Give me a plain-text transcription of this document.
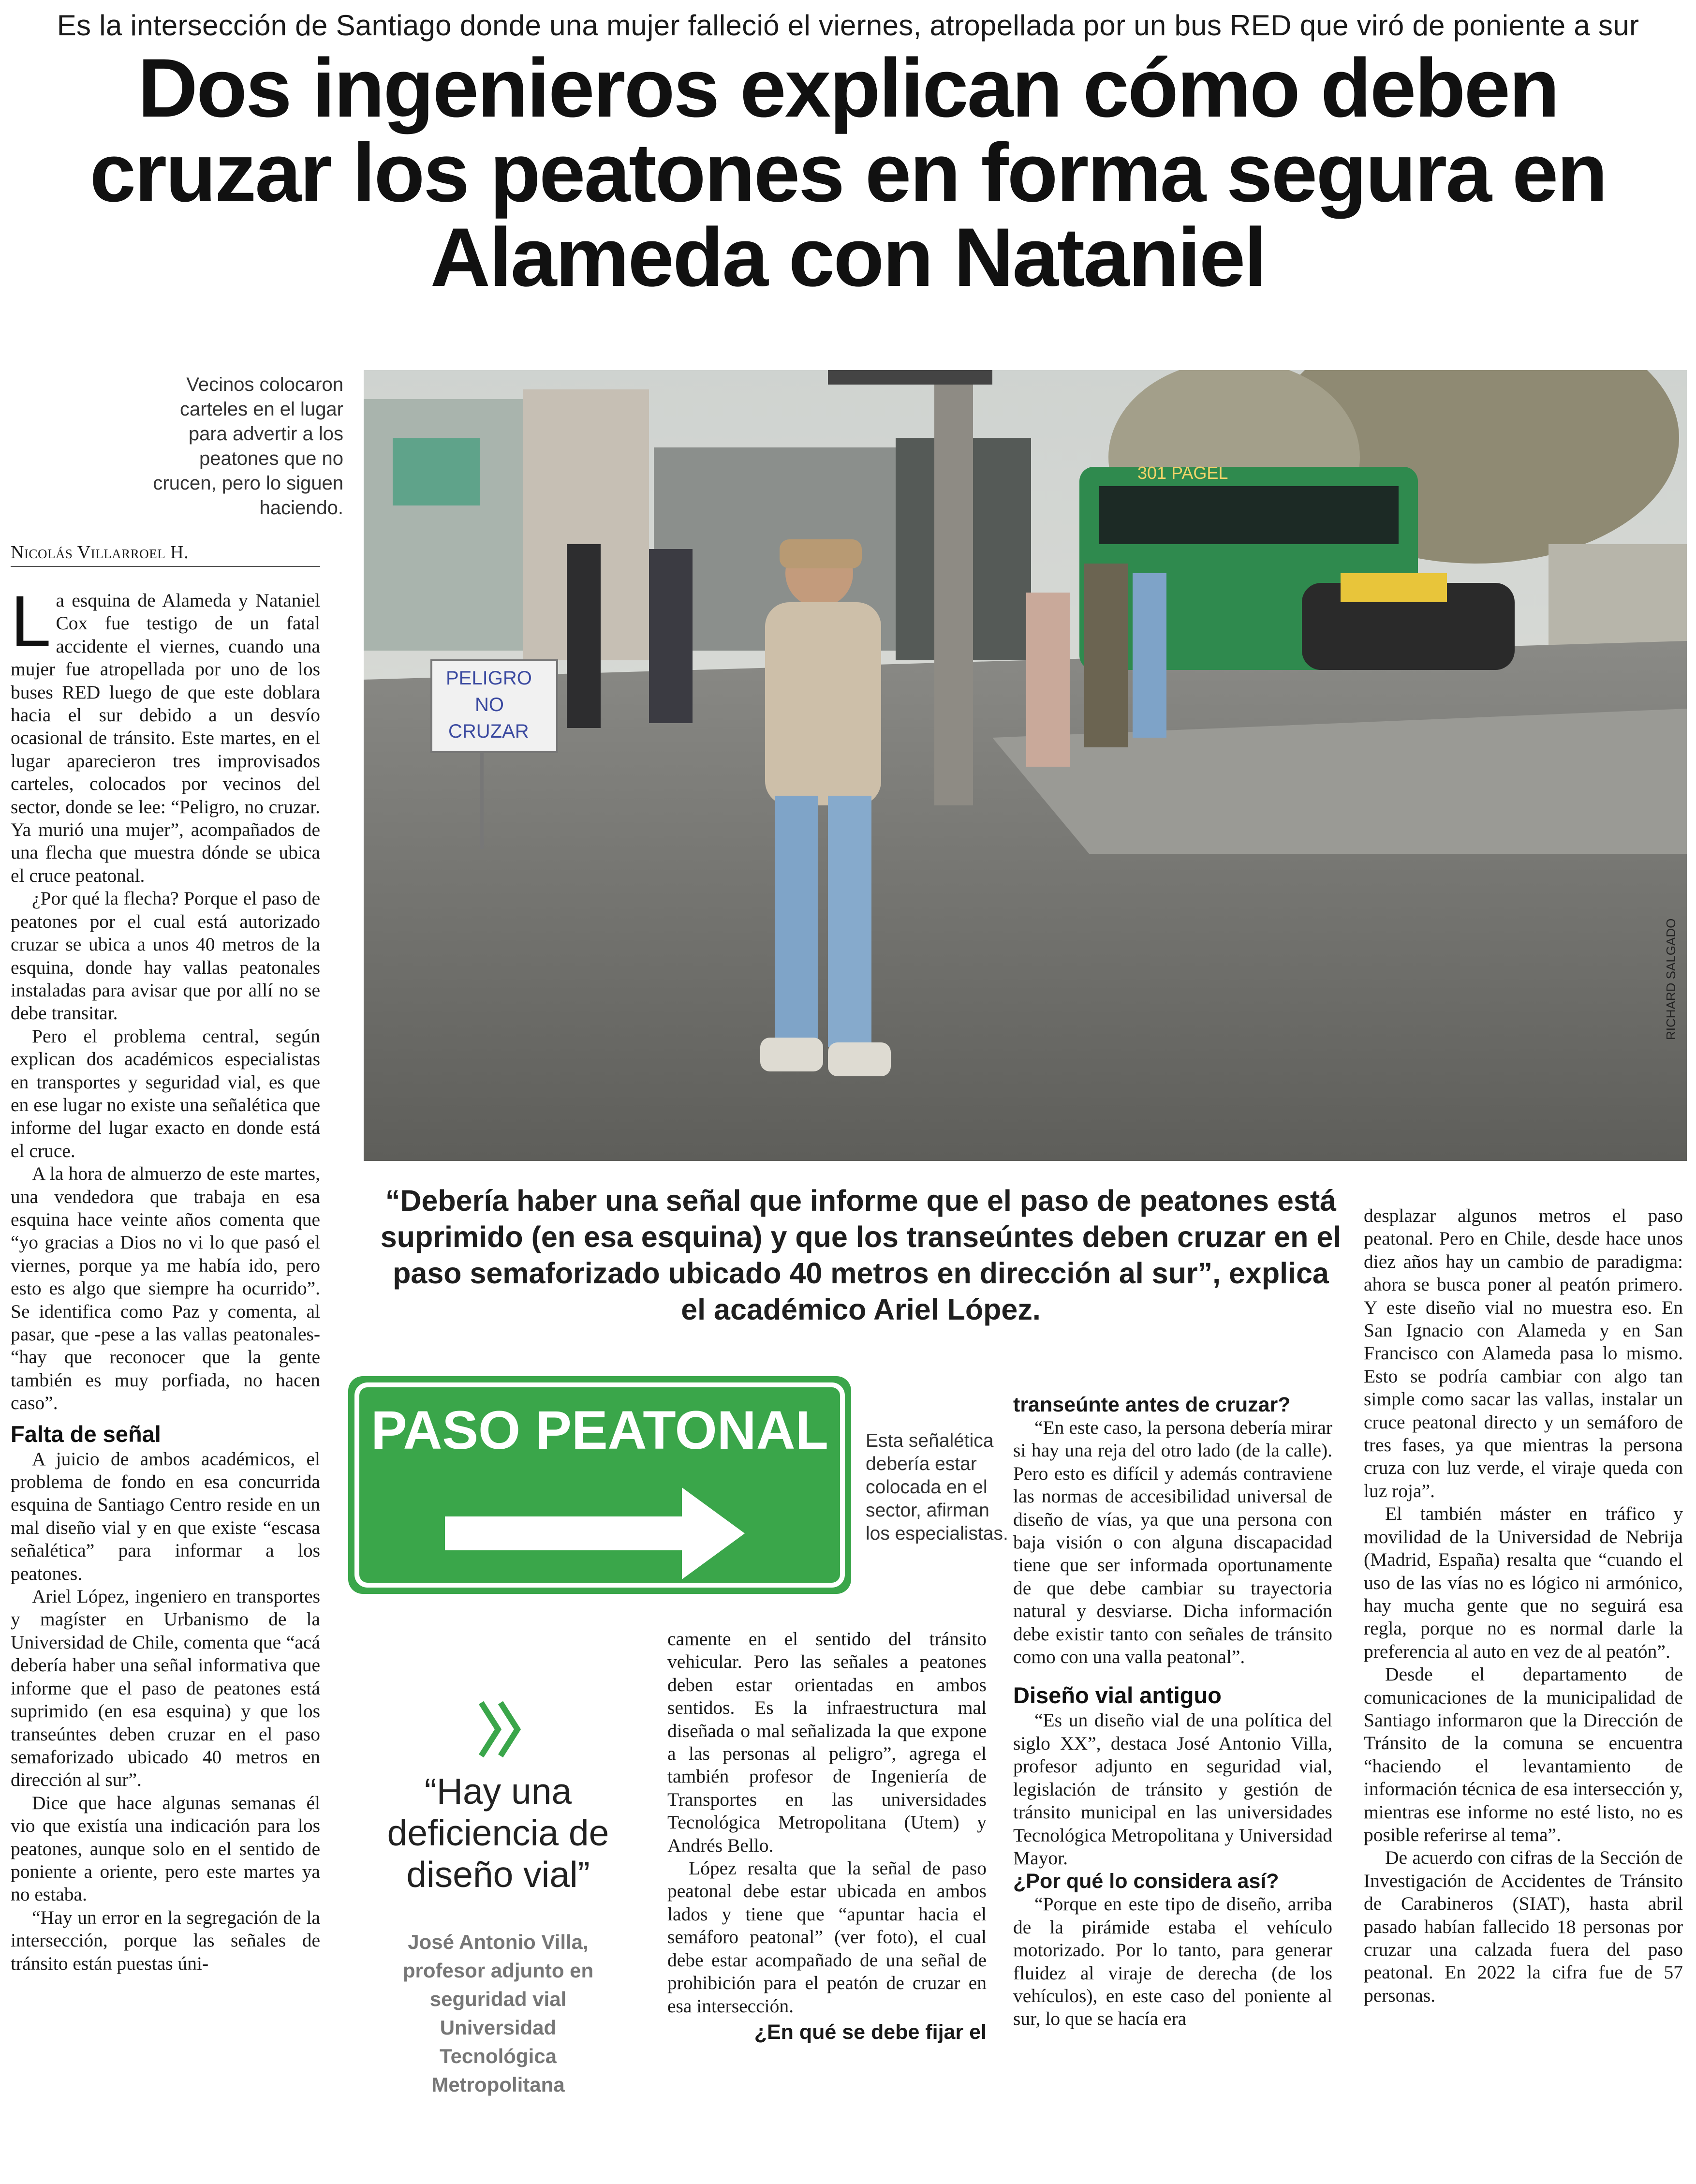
Es la intersección de Santiago donde una mujer falleció el viernes, atropellada por un bus RED que viró de poniente a sur
Dos ingenieros explican cómo deben
cruzar los peatones en forma segura en
Alameda con Nataniel
Vecinos colocaron carteles en el lugar para advertir a los peatones que no crucen, pero lo siguen haciendo.
Nicolás Villarroel H.
301 PAGEL
PELIGRO
NO
CRUZAR
RICHARD SALGADO

La esquina de Alameda y Nataniel Cox fue testigo de un fatal accidente el viernes, cuando una mujer fue atropellada por uno de los buses RED luego de que este doblara hacia el sur debido a un desvío ocasional de tránsito. Este martes, en el lugar aparecieron tres improvisados carteles, colocados por vecinos del sector, donde se lee: “Peligro, no cruzar. Ya murió una mujer”, acompañados de una flecha que muestra dónde se ubica el cruce peatonal.

¿Por qué la flecha? Porque el paso de peatones por el cual está autorizado cruzar se ubica a unos 40 metros de la esquina, donde hay vallas peatonales instaladas para avisar que por allí no se debe transitar.

Pero el problema central, según explican dos académicos especialistas en transportes y seguridad vial, es que en ese lugar no existe una señalética que informe del lugar exacto en donde está el cruce.

A la hora de almuerzo de este martes, una vendedora que trabaja en esa esquina hace veinte años comenta que “yo gracias a Dios no vi lo que pasó el viernes, porque ya me había ido, pero esto es algo que siempre ha ocurrido”. Se identifica como Paz y comenta, al pasar, que -pese a las vallas peatonales- “hay que reconocer que la gente también es muy porfiada, no hacen caso”.

Falta de señal

A juicio de ambos académicos, el problema de fondo en esa concurrida esquina de Santiago Centro reside en un mal diseño vial y en que existe “escasa señalética” para informar a los peatones.

Ariel López, ingeniero en transportes y magíster en Urbanismo de la Universidad de Chile, comenta que “acá debería haber una señal informativa que informe que el paso de peatones está suprimido (en esa esquina) y que los transeúntes deben cruzar en el paso semaforizado ubicado 40 metros en dirección al sur”.

Dice que hace algunas semanas él vio que existía una indicación para los peatones, aunque solo en el sentido de poniente a oriente, pero este martes ya no estaba.

“Hay un error en la segregación de la intersección, porque las señales de tránsito están puestas úni-

“Debería haber una señal que informe que el paso de peatones está suprimido (en esa esquina) y que los transeúntes deben cruzar en el paso semaforizado ubicado 40 metros en dirección al sur”, explica el académico Ariel López.
PASO PEATONAL Esta señalética debería estar colocada en el sector, afirman los especialistas.
“Hay una deficiencia de diseño vial”
José Antonio Villa, profesor adjunto en seguridad vial Universidad Tecnológica Metropolitana

camente en el sentido del tránsito vehicular. Pero las señales a peatones deben estar orientadas en ambos sentidos. Es la infraestructura mal diseñada o mal señalizada la que expone a las personas al peligro”, agrega el también profesor de Ingeniería de Transportes en las universidades Tecnológica Metropolitana (Utem) y Andrés Bello.

López resalta que la señal de paso peatonal debe estar ubicada en ambos lados y tiene que “apuntar hacia el semáforo peatonal” (ver foto), el cual debe estar acompañado de una señal de prohibición para el peatón de cruzar en esa intersección.

¿En qué se debe fijar el
transeúnte antes de cruzar?

“En este caso, la persona debería mirar si hay una reja del otro lado (de la calle). Pero esto es difícil y además contraviene las normas de accesibilidad universal de diseño de vías, ya que una persona con baja visión o con alguna discapacidad tiene que ser informada oportunamente de que debe cambiar su trayectoria natural y desviarse. Dicha información debe existir tanto con señales de tránsito como con una valla peatonal”.

Diseño vial antiguo

“Es un diseño vial de una política del siglo XX”, destaca José Antonio Villa, profesor adjunto en seguridad vial, legislación de tránsito y gestión de tránsito municipal en las universidades Tecnológica Metropolitana y Universidad Mayor.

¿Por qué lo considera así?

“Porque en este tipo de diseño, arriba de la pirámide estaba el vehículo motorizado. Por lo tanto, para generar fluidez al viraje de derecha (de los vehículos), en este caso del poniente al sur, lo que se hacía era

desplazar algunos metros el paso peatonal. Pero en Chile, desde hace unos diez años hay un cambio de paradigma: ahora se busca poner al peatón primero. Y este diseño vial no muestra eso. En San Ignacio con Alameda y en San Francisco con Alameda pasa lo mismo. Esto se podría cambiar con algo tan simple como sacar las vallas, instalar un cruce peatonal directo y un semáforo de tres fases, ya que mientras la persona cruza con luz verde, el viraje queda con luz roja”.

El también máster en tráfico y movilidad de la Universidad de Nebrija (Madrid, España) resalta que “cuando el uso de las vías no es lógico ni armónico, hay mucha gente que no seguirá esa regla, porque no es normal darle la preferencia al auto en vez de al peatón”.

Desde el departamento de comunicaciones de la municipalidad de Santiago informaron que la Dirección de Tránsito de la comuna se encuentra “haciendo el levantamiento de información técnica de esa intersección y, mientras ese informe no esté listo, no es posible referirse al tema”.

De acuerdo con cifras de la Sección de Investigación de Accidentes de Tránsito de Carabineros (SIAT), hasta abril pasado habían fallecido 18 personas por cruzar una calzada fuera del paso peatonal. En 2022 la cifra fue de 57 personas.
